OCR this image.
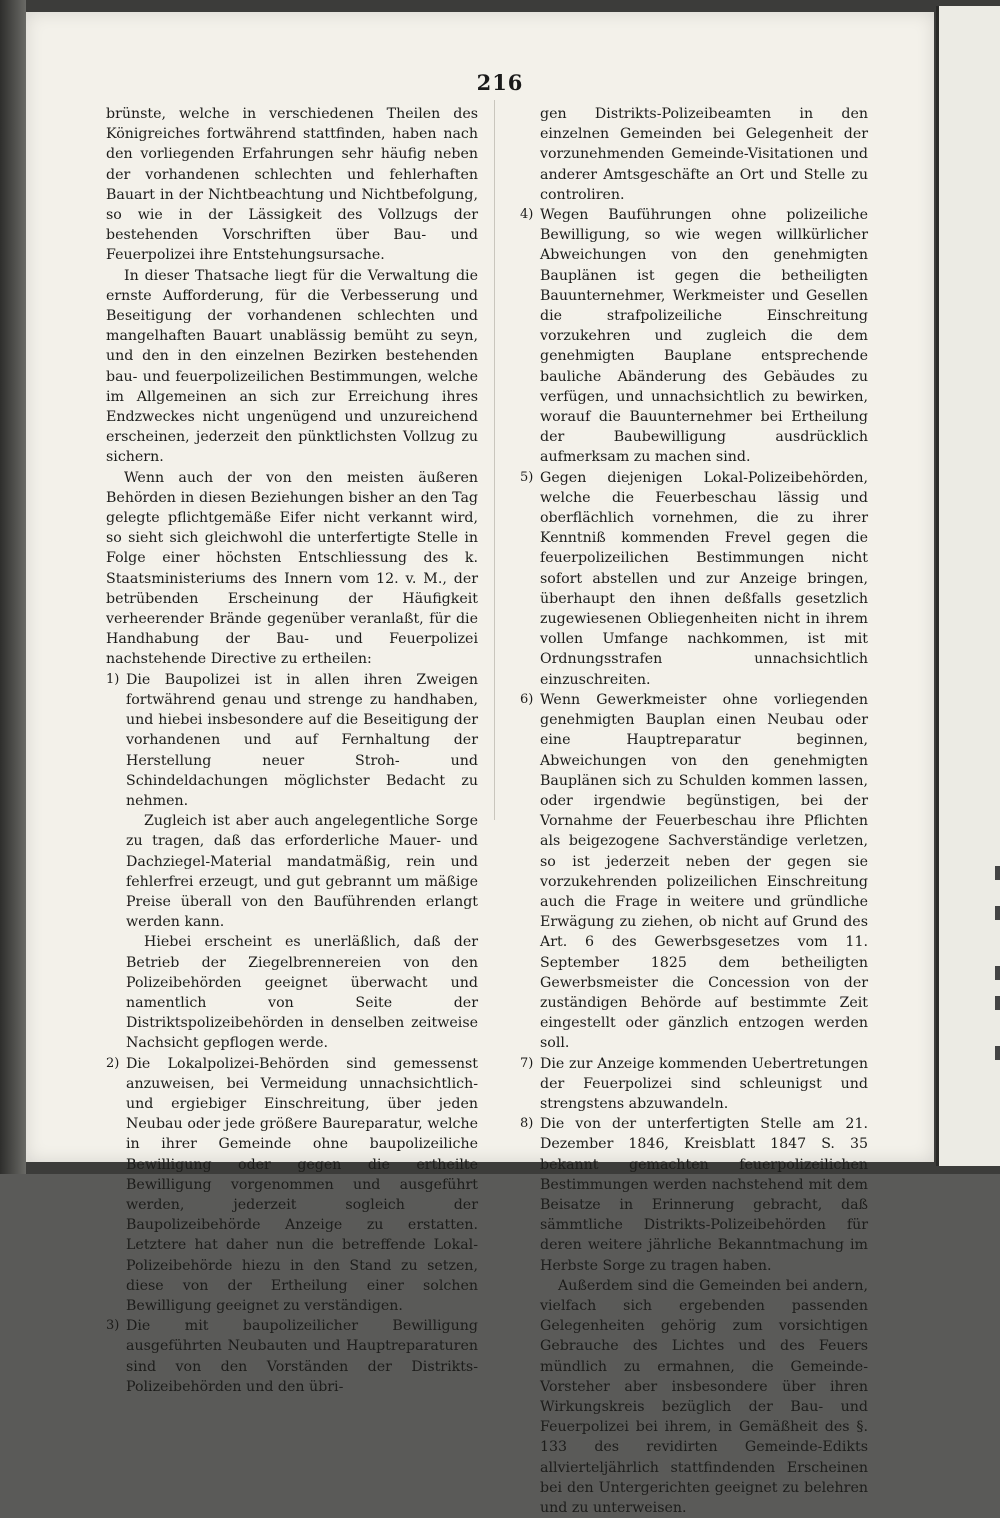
216

brünste, welche in verschiedenen Theilen des Königreiches fortwährend stattfinden, haben nach den vorliegenden Erfahrungen sehr häufig neben der vorhandenen schlechten und fehlerhaften Bauart in der Nichtbeachtung und Nichtbefolgung, so wie in der Lässigkeit des Vollzugs der bestehenden Vorschriften über Bau- und Feuerpolizei ihre Entstehungsursache.

In dieser Thatsache liegt für die Verwaltung die ernste Aufforderung, für die Verbesserung und Beseitigung der vorhandenen schlechten und mangelhaften Bauart unablässig bemüht zu seyn, und den in den einzelnen Bezirken bestehenden bau- und feuerpolizeilichen Bestimmungen, welche im Allgemeinen an sich zur Erreichung ihres Endzweckes nicht ungenügend und unzureichend erscheinen, jederzeit den pünktlichsten Vollzug zu sichern.

Wenn auch der von den meisten äußeren Behörden in diesen Beziehungen bisher an den Tag gelegte pflichtgemäße Eifer nicht verkannt wird, so sieht sich gleichwohl die unterfertigte Stelle in Folge einer höchsten Entschliessung des k. Staatsministeriums des Innern vom 12. v. M., der betrübenden Erscheinung der Häufigkeit verheerender Brände gegenüber veranlaßt, für die Handhabung der Bau- und Feuerpolizei nachstehende Directive zu ertheilen:

1) Die Baupolizei ist in allen ihren Zweigen fortwährend genau und strenge zu handhaben, und hiebei insbesondere auf die Beseitigung der vorhandenen und auf Fernhaltung der Herstellung neuer Stroh- und Schindeldachungen möglichster Bedacht zu nehmen.

Zugleich ist aber auch angelegentliche Sorge zu tragen, daß das erforderliche Mauer- und Dachziegel-Material mandatmäßig, rein und fehlerfrei erzeugt, und gut gebrannt um mäßige Preise überall von den Bauführenden erlangt werden kann.

Hiebei erscheint es unerläßlich, daß der Betrieb der Ziegelbrennereien von den Polizeibehörden geeignet überwacht und namentlich von Seite der Distriktspolizeibehörden in denselben zeitweise Nachsicht gepflogen werde.

2) Die Lokalpolizei-Behörden sind gemessenst anzuweisen, bei Vermeidung unnachsichtlich- und ergiebiger Einschreitung, über jeden Neubau oder jede größere Baureparatur, welche in ihrer Gemeinde ohne baupolizeiliche Bewilligung oder gegen die ertheilte Bewilligung vorgenommen und ausgeführt werden, jederzeit sogleich der Baupolizeibehörde Anzeige zu erstatten. Letztere hat daher nun die betreffende Lokal-Polizeibehörde hiezu in den Stand zu setzen, diese von der Ertheilung einer solchen Bewilligung geeignet zu verständigen.
3) Die mit baupolizeilicher Bewilligung ausgeführten Neubauten und Hauptreparaturen sind von den Vorständen der Distrikts-Polizeibehörden und den übri-

gen Distrikts-Polizeibeamten in den einzelnen Gemeinden bei Gelegenheit der vorzunehmenden Gemeinde-Visitationen und anderer Amtsgeschäfte an Ort und Stelle zu controliren.

4) Wegen Bauführungen ohne polizeiliche Bewilligung, so wie wegen willkürlicher Abweichungen von den genehmigten Bauplänen ist gegen die betheiligten Bauunternehmer, Werkmeister und Gesellen die strafpolizeiliche Einschreitung vorzukehren und zugleich die dem genehmigten Bauplane entsprechende bauliche Abänderung des Gebäudes zu verfügen, und unnachsichtlich zu bewirken, worauf die Bauunternehmer bei Ertheilung der Baubewilligung ausdrücklich aufmerksam zu machen sind.
5) Gegen diejenigen Lokal-Polizeibehörden, welche die Feuerbeschau lässig und oberflächlich vornehmen, die zu ihrer Kenntniß kommenden Frevel gegen die feuerpolizeilichen Bestimmungen nicht sofort abstellen und zur Anzeige bringen, überhaupt den ihnen deßfalls gesetzlich zugewiesenen Obliegenheiten nicht in ihrem vollen Umfange nachkommen, ist mit Ordnungsstrafen unnachsichtlich einzuschreiten.
6) Wenn Gewerkmeister ohne vorliegenden genehmigten Bauplan einen Neubau oder eine Hauptreparatur beginnen, Abweichungen von den genehmigten Bauplänen sich zu Schulden kommen lassen, oder irgendwie begünstigen, bei der Vornahme der Feuerbeschau ihre Pflichten als beigezogene Sachverständige verletzen, so ist jederzeit neben der gegen sie vorzukehrenden polizeilichen Einschreitung auch die Frage in weitere und gründliche Erwägung zu ziehen, ob nicht auf Grund des Art. 6 des Gewerbsgesetzes vom 11. September 1825 dem betheiligten Gewerbsmeister die Concession von der zuständigen Behörde auf bestimmte Zeit eingestellt oder gänzlich entzogen werden soll.
7) Die zur Anzeige kommenden Uebertretungen der Feuerpolizei sind schleunigst und strengstens abzuwandeln.
8) Die von der unterfertigten Stelle am 21. Dezember 1846, Kreisblatt 1847 S. 35 bekannt gemachten feuerpolizeilichen Bestimmungen werden nachstehend mit dem Beisatze in Erinnerung gebracht, daß sämmtliche Distrikts-Polizeibehörden für deren weitere jährliche Bekanntmachung im Herbste Sorge zu tragen haben.

Außerdem sind die Gemeinden bei andern, vielfach sich ergebenden passenden Gelegenheiten gehörig zum vorsichtigen Gebrauche des Lichtes und des Feuers mündlich zu ermahnen, die Gemeinde-Vorsteher aber insbesondere über ihren Wirkungskreis bezüglich der Bau- und Feuerpolizei bei ihrem, in Gemäßheit des §. 133 des revidirten Gemeinde-Edikts allvierteljährlich stattfindenden Erscheinen bei den Untergerichten geeignet zu belehren und zu unterweisen.
